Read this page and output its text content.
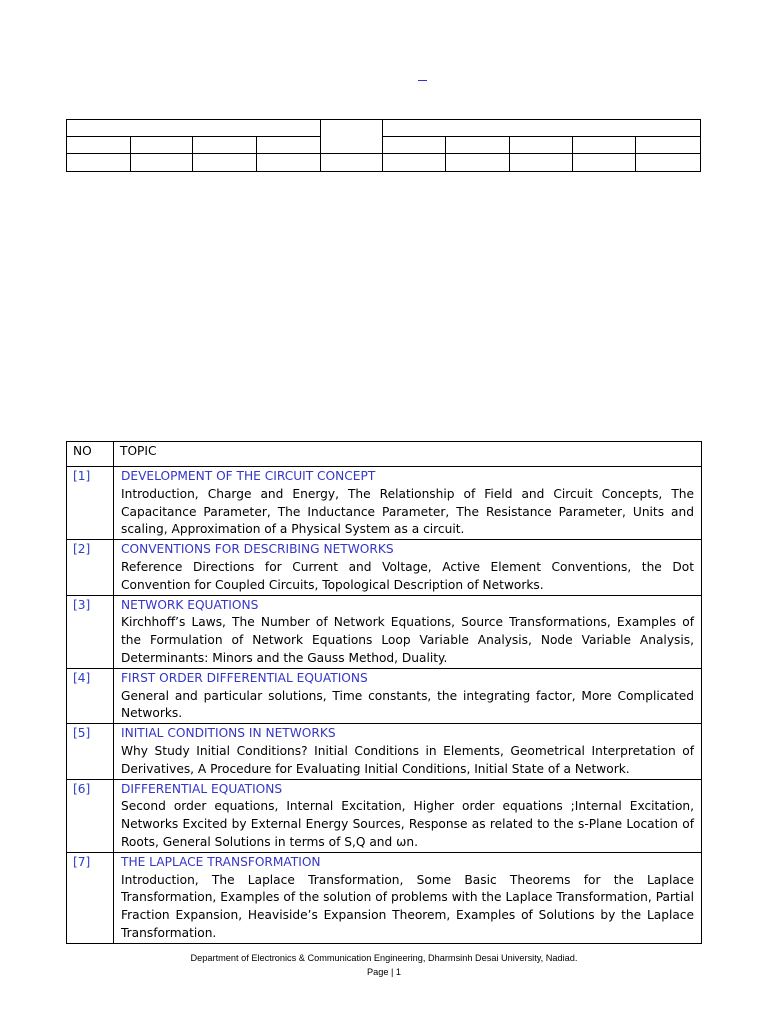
NO	TOPIC
[1]	DEVELOPMENT OF THE CIRCUIT CONCEPT
Introduction, Charge and Energy, The Relationship of Field and Circuit Concepts, The Capacitance Parameter, The Inductance Parameter, The Resistance Parameter, Units and scaling, Approximation of a Physical System as a circuit.

[2]	CONVENTIONS FOR DESCRIBING NETWORKS
Reference Directions for Current and Voltage, Active Element Conventions, the Dot Convention for Coupled Circuits, Topological Description of Networks.

[3]	NETWORK EQUATIONS
Kirchhoff’s Laws, The Number of Network Equations, Source Transformations, Examples of the Formulation of Network Equations Loop Variable Analysis, Node Variable Analysis, Determinants: Minors and the Gauss Method, Duality.

[4]	FIRST ORDER DIFFERENTIAL EQUATIONS
General and particular solutions, Time constants, the integrating factor, More Complicated Networks.

[5]	INITIAL CONDITIONS IN NETWORKS
Why Study Initial Conditions? Initial Conditions in Elements, Geometrical Interpretation of Derivatives, A Procedure for Evaluating Initial Conditions, Initial State of a Network.

[6]	DIFFERENTIAL EQUATIONS
Second order equations, Internal Excitation, Higher order equations ;Internal Excitation, Networks Excited by External Energy Sources, Response as related to the s-Plane Location of Roots, General Solutions in terms of S,Q and ωn.

[7]	THE LAPLACE TRANSFORMATION
Introduction, The Laplace Transformation, Some Basic Theorems for the Laplace Transformation, Examples of the solution of problems with the Laplace Transformation, Partial Fraction Expansion, Heaviside’s Expansion Theorem, Examples of Solutions by the Laplace Transformation.
Department of Electronics & Communication Engineering, Dharmsinh Desai University, Nadiad.
Page | 1
